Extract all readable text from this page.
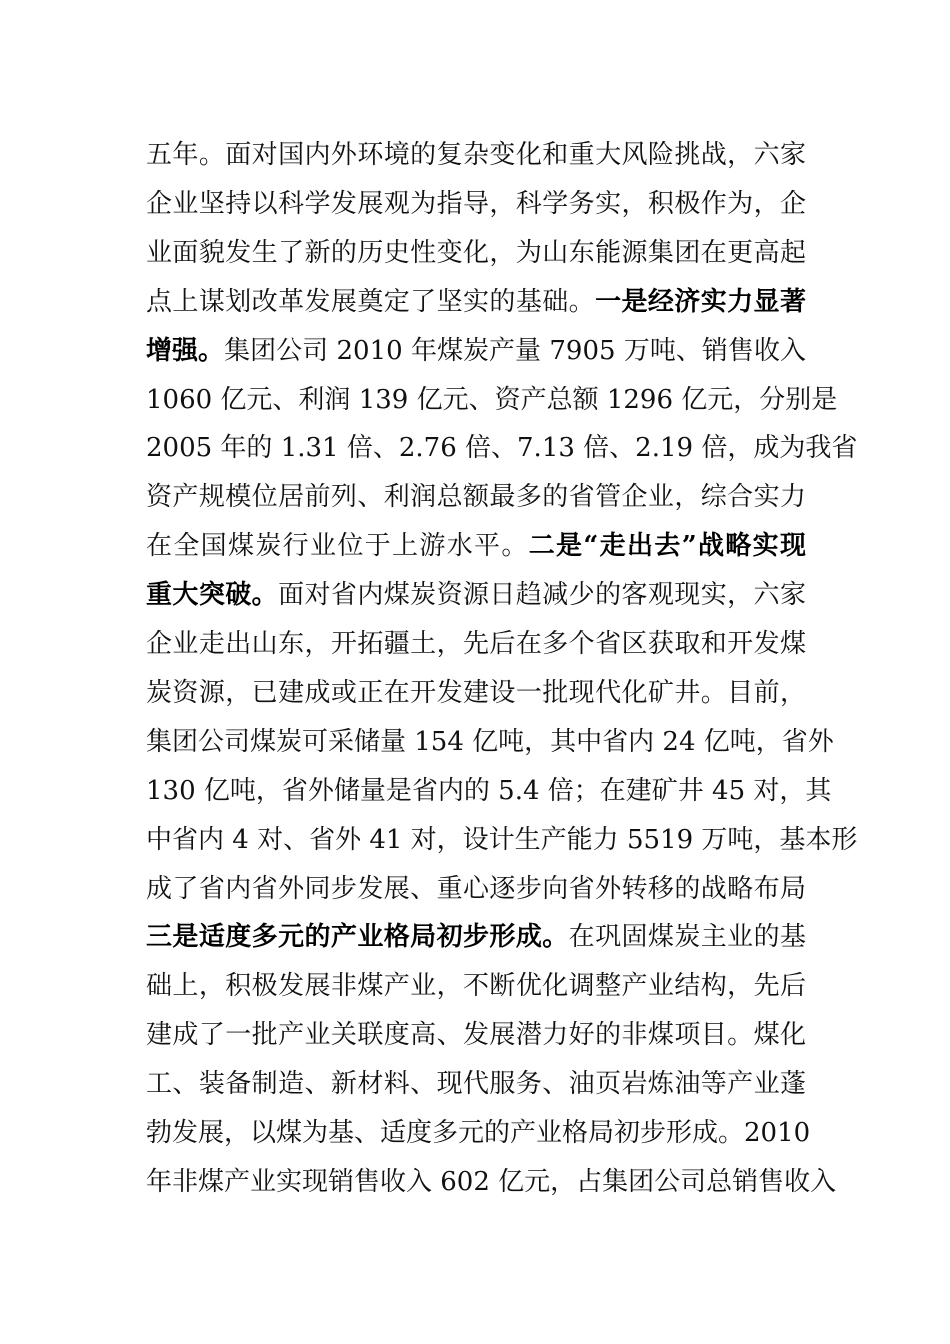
五年。面对国内外环境的复杂变化和重大风险挑战，六家
企业坚持以科学发展观为指导，科学务实，积极作为，企
业面貌发生了新的历史性变化，为山东能源集团在更高起
点上谋划改革发展奠定了坚实的基础。一是经济实力显著
增强。集团公司 2010 年煤炭产量 7905 万吨、销售收入
1060 亿元、利润 139 亿元、资产总额 1296 亿元，分别是
2005 年的 1.31 倍、2.76 倍、7.13 倍、2.19 倍，成为我省
资产规模位居前列、利润总额最多的省管企业，综合实力
在全国煤炭行业位于上游水平。二是“走出去”战略实现
重大突破。面对省内煤炭资源日趋减少的客观现实，六家
企业走出山东，开拓疆土，先后在多个省区获取和开发煤
炭资源，已建成或正在开发建设一批现代化矿井。目前，
集团公司煤炭可采储量 154 亿吨，其中省内 24 亿吨，省外
130 亿吨，省外储量是省内的 5.4 倍；在建矿井 45 对，其
中省内 4 对、省外 41 对，设计生产能力 5519 万吨，基本形
成了省内省外同步发展、重心逐步向省外转移的战略布局
三是适度多元的产业格局初步形成。在巩固煤炭主业的基
础上，积极发展非煤产业，不断优化调整产业结构，先后
建成了一批产业关联度高、发展潜力好的非煤项目。煤化
工、装备制造、新材料、现代服务、油页岩炼油等产业蓬
勃发展，以煤为基、适度多元的产业格局初步形成。2010
年非煤产业实现销售收入 602 亿元，占集团公司总销售收入
